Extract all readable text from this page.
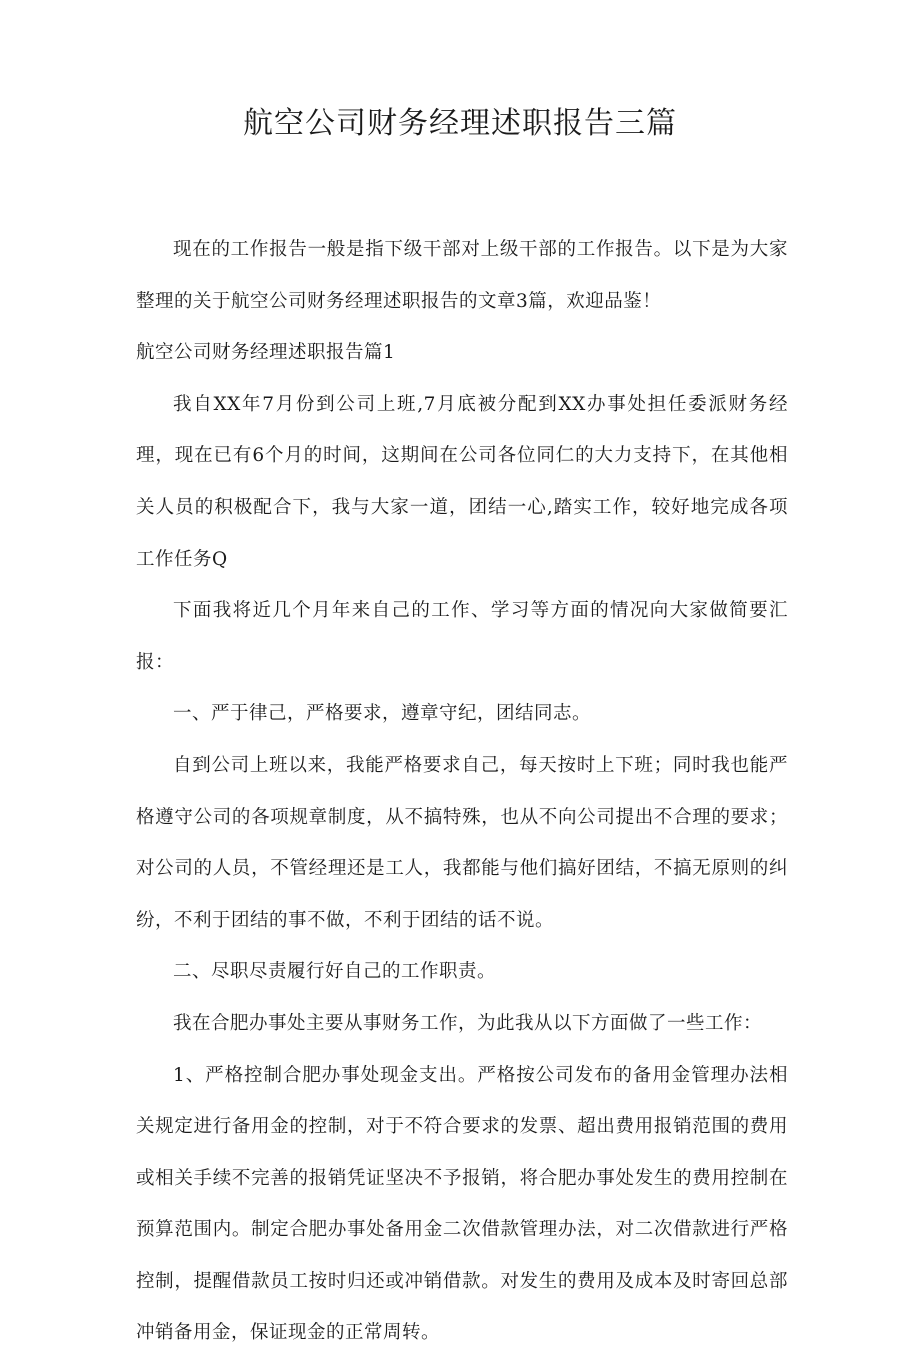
航空公司财务经理述职报告三篇

现在的工作报告一般是指下级干部对上级干部的工作报告。以下是为大家整理的关于航空公司财务经理述职报告的文章3篇，欢迎品鉴！

航空公司财务经理述职报告篇1

我自XX年7月份到公司上班,7月底被分配到XX办事处担任委派财务经理，现在已有6个月的时间，这期间在公司各位同仁的大力支持下，在其他相关人员的积极配合下，我与大家一道，团结一心,踏实工作，较好地完成各项工作任务Q

下面我将近几个月年来自己的工作、学习等方面的情况向大家做简要汇报：

一、严于律己，严格要求，遵章守纪，团结同志。

自到公司上班以来，我能严格要求自己，每天按时上下班；同时我也能严格遵守公司的各项规章制度，从不搞特殊，也从不向公司提出不合理的要求；对公司的人员，不管经理还是工人，我都能与他们搞好团结，不搞无原则的纠纷，不利于团结的事不做，不利于团结的话不说。

二、尽职尽责履行好自己的工作职责。

我在合肥办事处主要从事财务工作，为此我从以下方面做了一些工作：

1、严格控制合肥办事处现金支出。严格按公司发布的备用金管理办法相关规定进行备用金的控制，对于不符合要求的发票、超出费用报销范围的费用或相关手续不完善的报销凭证坚决不予报销，将合肥办事处发生的费用控制在预算范围内。制定合肥办事处备用金二次借款管理办法，对二次借款进行严格控制，提醒借款员工按时归还或冲销借款。对发生的费用及成本及时寄回总部冲销备用金，保证现金的正常周转。
